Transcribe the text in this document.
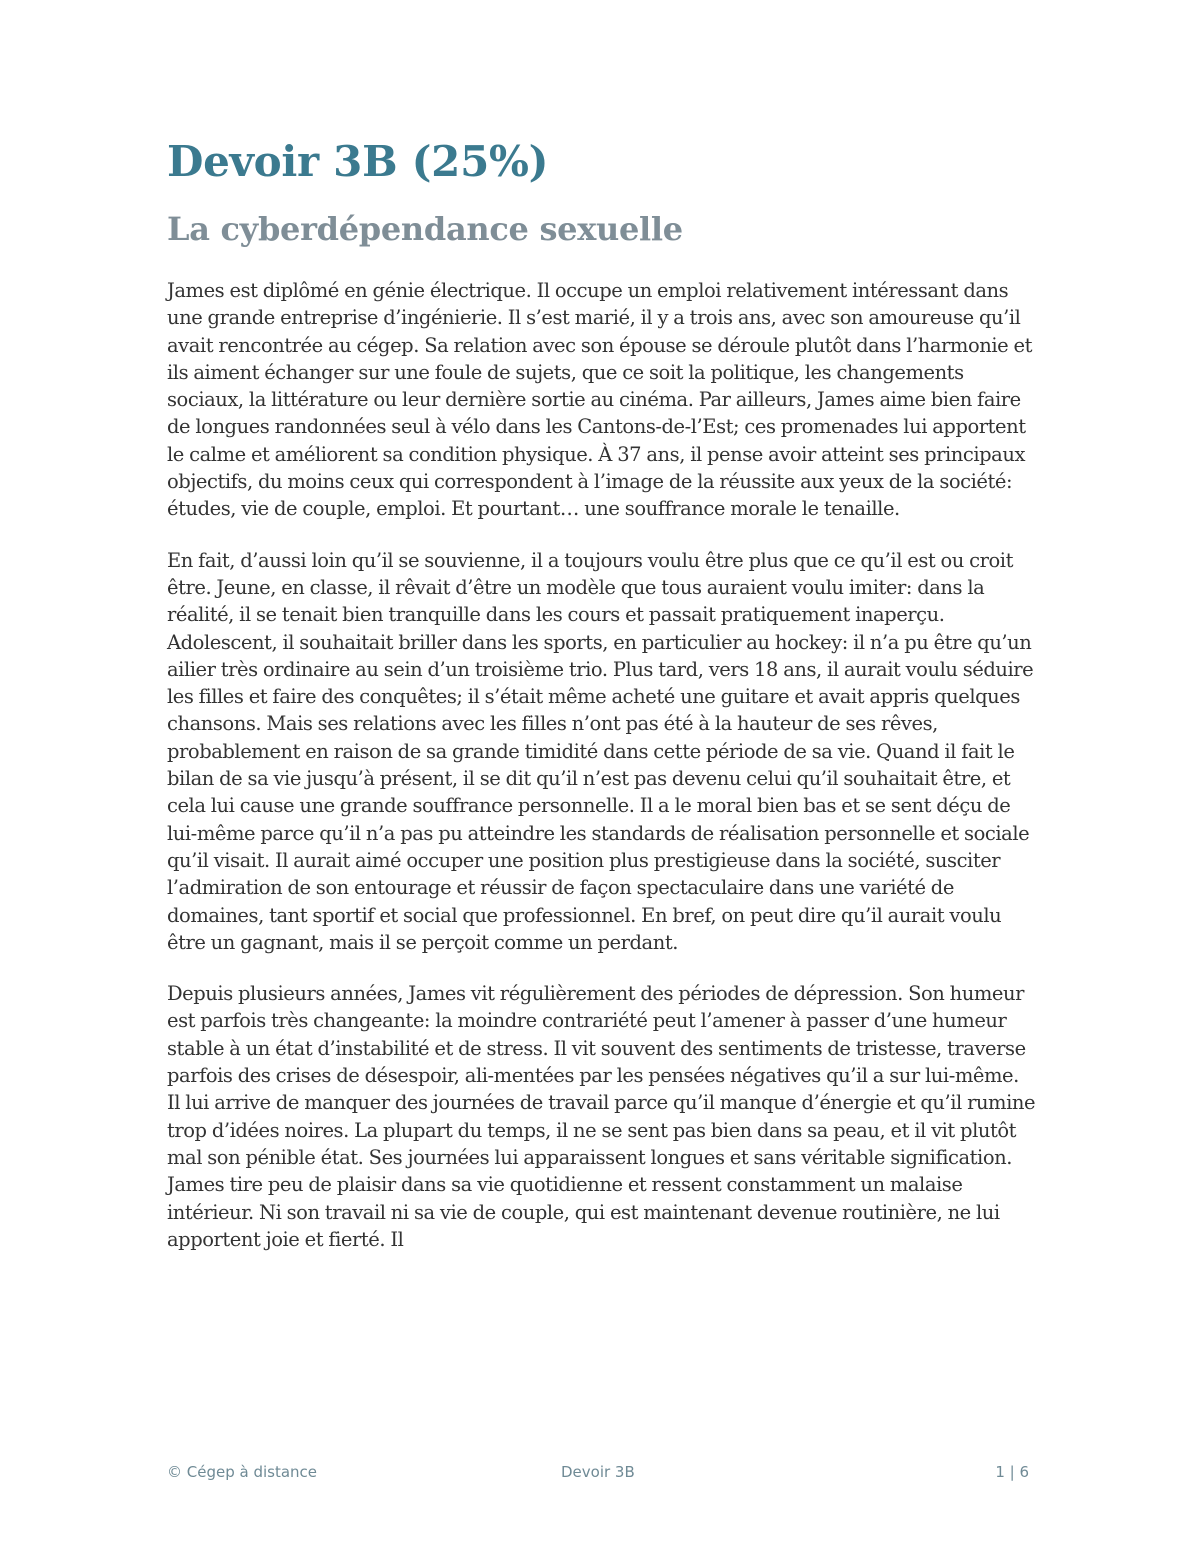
Devoir 3B (25%)
La cyberdépendance sexuelle

James est diplômé en génie électrique. Il occupe un emploi relativement intéressant dans une grande entreprise d’ingénierie. Il s’est marié, il y a trois ans, avec son amoureuse qu’il avait rencontrée au cégep. Sa relation avec son épouse se déroule plutôt dans l’harmonie et ils aiment échanger sur une foule de sujets, que ce soit la politique, les changements sociaux, la littérature ou leur dernière sortie au cinéma. Par ailleurs, James aime bien faire de longues randonnées seul à vélo dans les Cantons-de-l’Est; ces promenades lui apportent le calme et améliorent sa condition physique. À 37 ans, il pense avoir atteint ses principaux objectifs, du moins ceux qui correspondent à l’image de la réussite aux yeux de la société: études, vie de couple, emploi. Et pourtant… une souffrance morale le tenaille.

En fait, d’aussi loin qu’il se souvienne, il a toujours voulu être plus que ce qu’il est ou croit être. Jeune, en classe, il rêvait d’être un modèle que tous auraient voulu imiter: dans la réalité, il se tenait bien tranquille dans les cours et passait pratiquement inaperçu. Adolescent, il souhaitait briller dans les sports, en particulier au hockey: il n’a pu être qu’un ailier très ordinaire au sein d’un troisième trio. Plus tard, vers 18 ans, il aurait voulu séduire les filles et faire des conquêtes; il s’était même acheté une guitare et avait appris quelques chansons. Mais ses relations avec les filles n’ont pas été à la hauteur de ses rêves, probablement en raison de sa grande timidité dans cette période de sa vie. Quand il fait le bilan de sa vie jusqu’à présent, il se dit qu’il n’est pas devenu celui qu’il souhaitait être, et cela lui cause une grande souffrance personnelle. Il a le moral bien bas et se sent déçu de lui-même parce qu’il n’a pas pu atteindre les standards de réalisation personnelle et sociale qu’il visait. Il aurait aimé occuper une position plus prestigieuse dans la société, susciter l’admiration de son entourage et réussir de façon spectaculaire dans une variété de domaines, tant sportif et social que professionnel. En bref, on peut dire qu’il aurait voulu être un gagnant, mais il se perçoit comme un perdant.

Depuis plusieurs années, James vit régulièrement des périodes de dépression. Son humeur est parfois très changeante: la moindre contrariété peut l’amener à passer d’une humeur stable à un état d’instabilité et de stress. Il vit souvent des sentiments de tristesse, traverse parfois des crises de désespoir, ali-mentées par les pensées négatives qu’il a sur lui-même. Il lui arrive de manquer des journées de travail parce qu’il manque d’énergie et qu’il rumine trop d’idées noires. La plupart du temps, il ne se sent pas bien dans sa peau, et il vit plutôt mal son pénible état. Ses journées lui apparaissent longues et sans véritable signification. James tire peu de plaisir dans sa vie quotidienne et ressent constamment un malaise intérieur. Ni son travail ni sa vie de couple, qui est maintenant devenue routinière, ne lui apportent joie et fierté. Il

© Cégep à distance	Devoir 3B	1 | 6
